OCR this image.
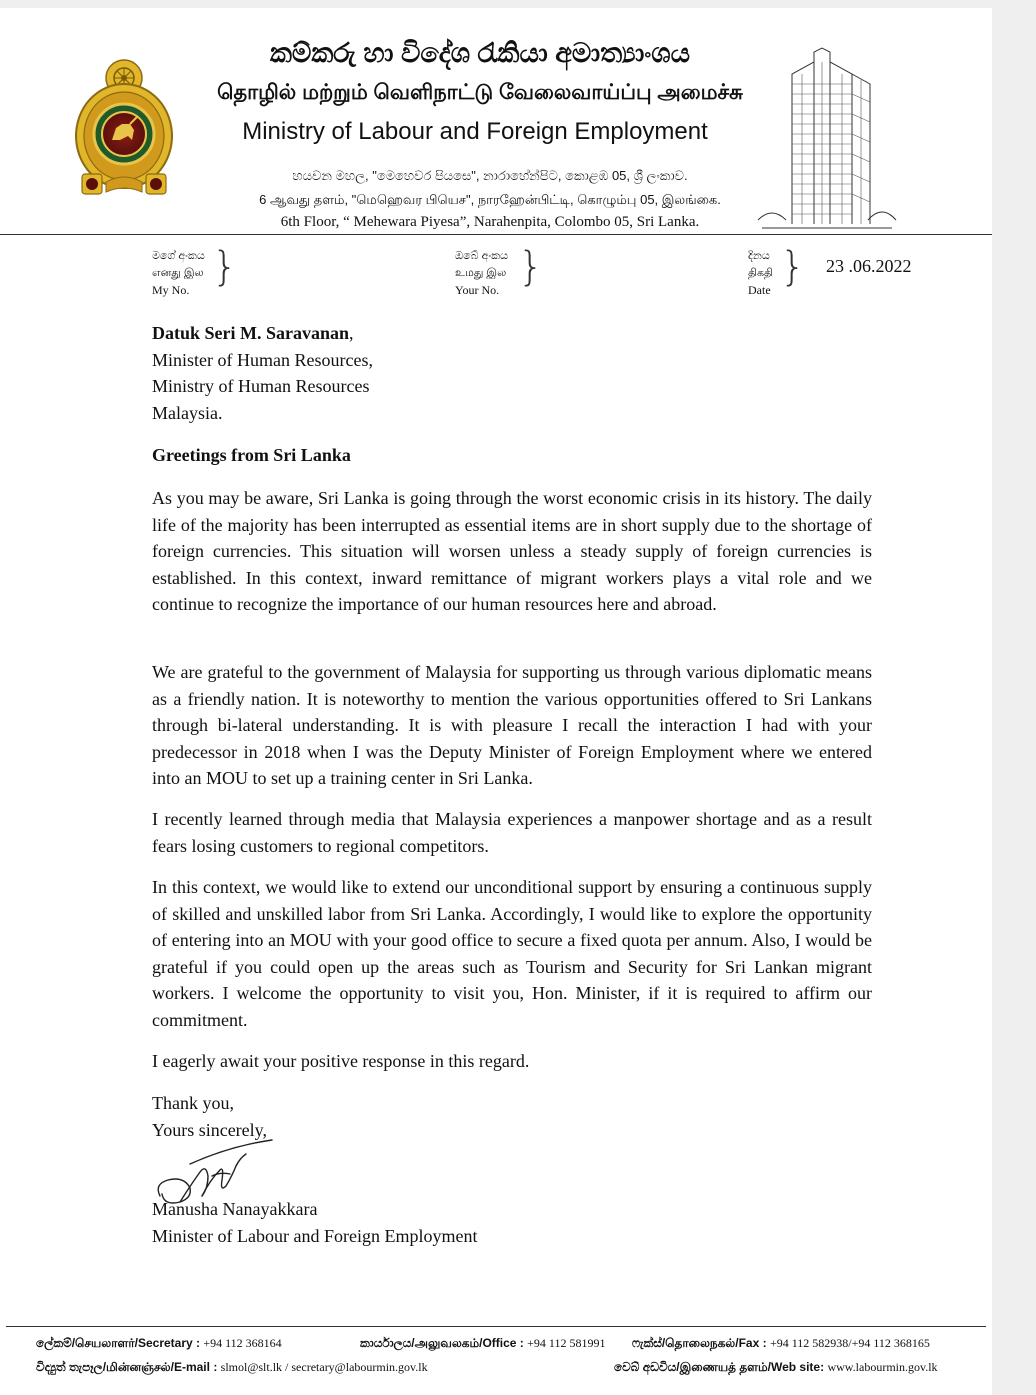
කම්කරු හා විදේශ රැකියා අමාත්‍යාංශය
தொழில் மற்றும் வெளிநாட்டு வேலைவாய்ப்பு அமைச்சு
Ministry of Labour and Foreign Employment
හයවන මහල, "මෙහෙවර පියසෙ", නාරාහේන්පිට, කොළඹ 05, ශ්‍රී ලංකාව.
6 ஆவது தளம், "மெஹெவர பியெச", நாரஹேன்பிட்டி, கொழும்பு 05, இலங்கை.
6th Floor, “ Mehewara Piyesa”, Narahenpita, Colombo 05, Sri Lanka.
මගේ අංකය
எனது இல
My No. }	ඔබේ අංකය
உமது இல
Your No. }	දිනය
திகதி
Date } 23 .06.2022
Datuk Seri M. Saravanan,
Minister of Human Resources,
Ministry of Human Resources
Malaysia.
Greetings from Sri Lanka
As you may be aware, Sri Lanka is going through the worst economic crisis in its history. The daily life of the majority has been interrupted as essential items are in short supply due to the shortage of foreign currencies. This situation will worsen unless a steady supply of foreign currencies is established. In this context, inward remittance of migrant workers plays a vital role and we continue to recognize the importance of our human resources here and abroad.
We are grateful to the government of Malaysia for supporting us through various diplomatic means as a friendly nation. It is noteworthy to mention the various opportunities offered to Sri Lankans through bi-lateral understanding. It is with pleasure I recall the interaction I had with your predecessor in 2018 when I was the Deputy Minister of Foreign Employment where we entered into an MOU to set up a training center in Sri Lanka.
I recently learned through media that Malaysia experiences a manpower shortage and as a result fears losing customers to regional competitors.
In this context, we would like to extend our unconditional support by ensuring a continuous supply of skilled and unskilled labor from Sri Lanka. Accordingly, I would like to explore the opportunity of entering into an MOU with your good office to secure a fixed quota per annum. Also, I would be grateful if you could open up the areas such as Tourism and Security for Sri Lankan migrant workers. I welcome the opportunity to visit you, Hon. Minister, if it is required to affirm our commitment.
I eagerly await your positive response in this regard.
Thank you,
Yours sincerely,
Manusha Nanayakkara
Minister of Labour and Foreign Employment
ලේකම්/செயலாளர்/Secretary : +94 112 368164	කාර්යාලය/அலுவலகம்/Office : +94 112 581991 ෆැක්ස්/தொலைநகல்/Fax : +94 112 582938/+94 112 368165
විද්‍යුත් තැපෑල/மின்னஞ்சல்/E-mail : slmol@slt.lk / secretary@labourmin.gov.lk	වෙබ් අඩවිය/இணையத் தளம்/Web site: www.labourmin.gov.lk
